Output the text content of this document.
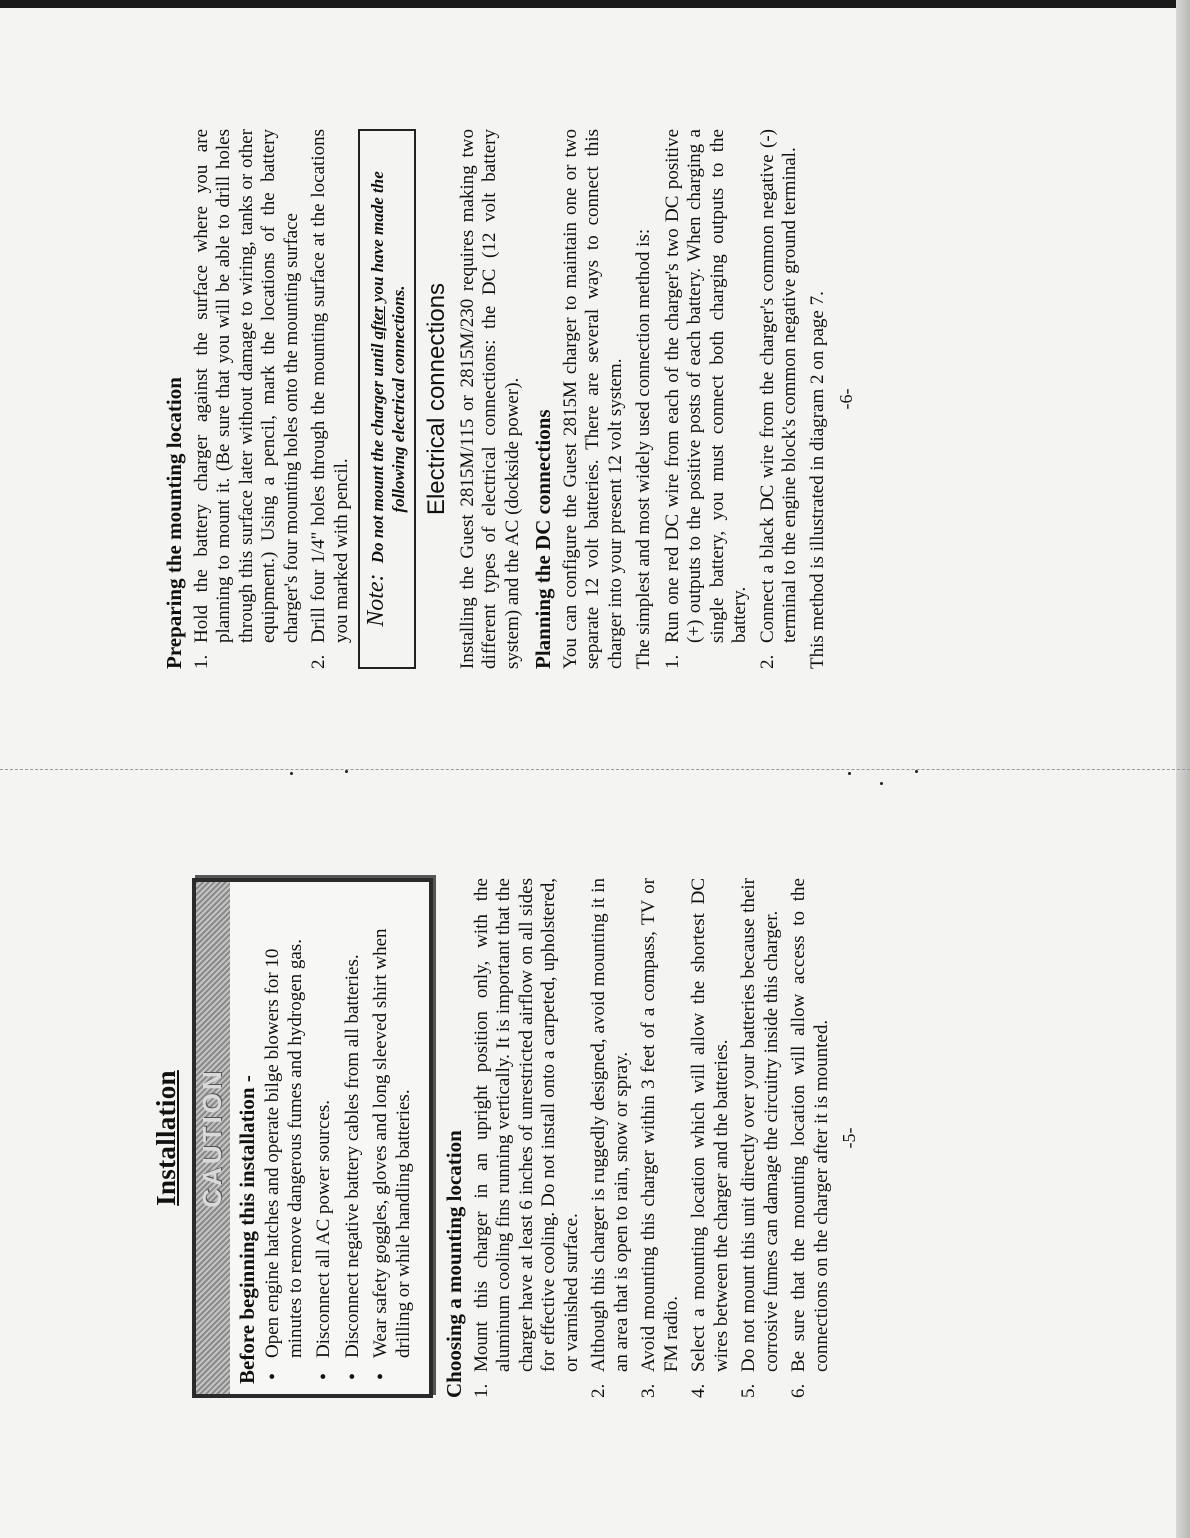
Installation CAUTION Before beginning this installation - • Open engine hatches and operate bilge blowers for 10 minutes to remove dangerous fumes and hydrogen gas. • Disconnect all AC power sources. • Disconnect negative battery cables from all batteries. • Wear safety goggles, gloves and long sleeved shirt when drilling or while handling batteries. Choosing a mounting location 1.
Mount this charger in an upright position only, with the aluminum cooling fins running vertically. It is important that the charger have at least 6 inches of unrestricted airflow on all sides for effective cooling. Do not install onto a carpeted, upholstered, or varnished surface.
2.
Although this charger is ruggedly designed, avoid mounting it in an area that is open to rain, snow or spray.
3.
Avoid mounting this charger within 3 feet of a compass, TV or FM radio.
4.
Select a mounting location which will allow the shortest DC wires between the charger and the batteries.
5.
Do not mount this unit directly over your batteries because their corrosive fumes can damage the circuitry inside this charger.
6.
Be sure that the mounting location will allow access to the connections on the charger after it is mounted. -5-
Preparing the mounting location 1.
Hold the battery charger against the surface where you are planning to mount it. (Be sure that you will be able to drill holes through this surface later without damage to wiring, tanks or other equipment.) Using a pencil, mark the locations of the battery charger's four mounting holes onto the mounting surface
2.
Drill four 1/4" holes through the mounting surface at the locations you marked with pencil. Note: Do not mount the charger until after you have made the following electrical connections. Electrical connections Installing the Guest 2815M/115 or 2815M/230 requires making two different types of electrical connections: the DC (12 volt battery system) and the AC (dockside power). Planning the DC connections You can configure the Guest 2815M charger to maintain one or two separate 12 volt batteries. There are several ways to connect this charger into your present 12 volt system. The simplest and most widely used connection method is: 1.
Run one red DC wire from each of the charger's two DC positive (+) outputs to the positive posts of each battery. When charging a single battery, you must connect both charging outputs to the battery.
2.
Connect a black DC wire from the charger's common negative (-) terminal to the engine block's common negative ground terminal. This method is illustrated in diagram 2 on page 7. -6-
